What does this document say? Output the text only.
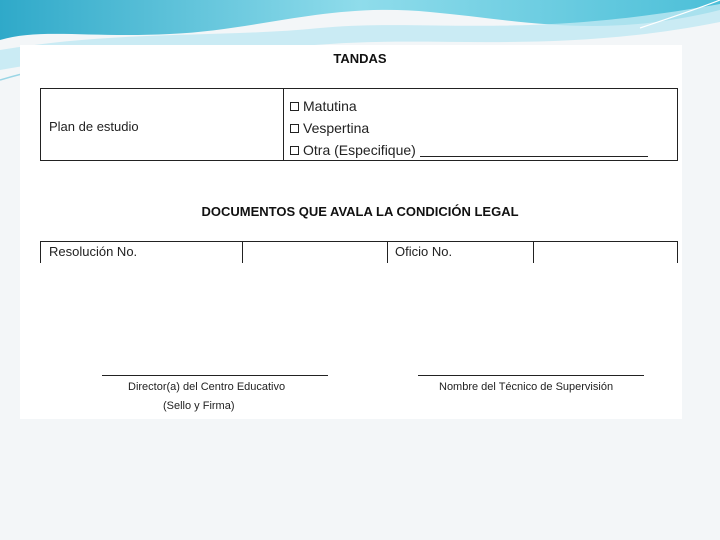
TANDAS
Plan de estudio
Matutina
Vespertina
Otra (Especifique)
DOCUMENTOS QUE AVALA LA CONDICIÓN LEGAL
Resolución No.	Oficio No.
Director(a) del Centro Educativo
(Sello y Firma)
Nombre del Técnico de Supervisión
